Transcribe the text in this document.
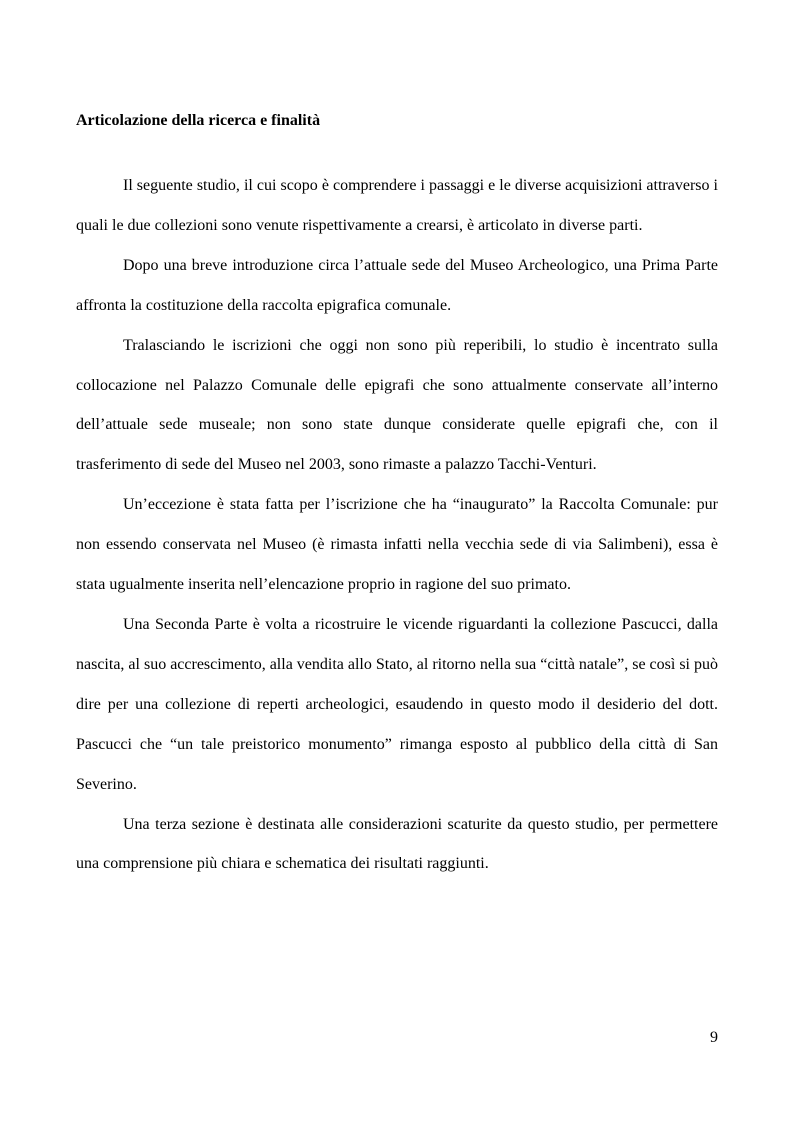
Articolazione della ricerca e finalità

Il seguente studio, il cui scopo è comprendere i passaggi e le diverse acquisizioni attraverso i quali le due collezioni sono venute rispettivamente a crearsi, è articolato in diverse parti.

Dopo una breve introduzione circa l’attuale sede del Museo Archeologico, una Prima Parte affronta la costituzione della raccolta epigrafica comunale.

Tralasciando le iscrizioni che oggi non sono più reperibili, lo studio è incentrato sulla collocazione nel Palazzo Comunale delle epigrafi che sono attualmente conservate all’interno dell’attuale sede museale; non sono state dunque considerate quelle epigrafi che, con il trasferimento di sede del Museo nel 2003, sono rimaste a palazzo Tacchi-Venturi.

Un’eccezione è stata fatta per l’iscrizione che ha “inaugurato” la Raccolta Comunale: pur non essendo conservata nel Museo (è rimasta infatti nella vecchia sede di via Salimbeni), essa è stata ugualmente inserita nell’elencazione proprio in ragione del suo primato.

Una Seconda Parte è volta a ricostruire le vicende riguardanti la collezione Pascucci, dalla nascita, al suo accrescimento, alla vendita allo Stato, al ritorno nella sua “città natale”, se così si può dire per una collezione di reperti archeologici, esaudendo in questo modo il desiderio del dott. Pascucci che “un tale preistorico monumento” rimanga esposto al pubblico della città di San Severino.

Una terza sezione è destinata alle considerazioni scaturite da questo studio, per permettere una comprensione più chiara e schematica dei risultati raggiunti.

9
